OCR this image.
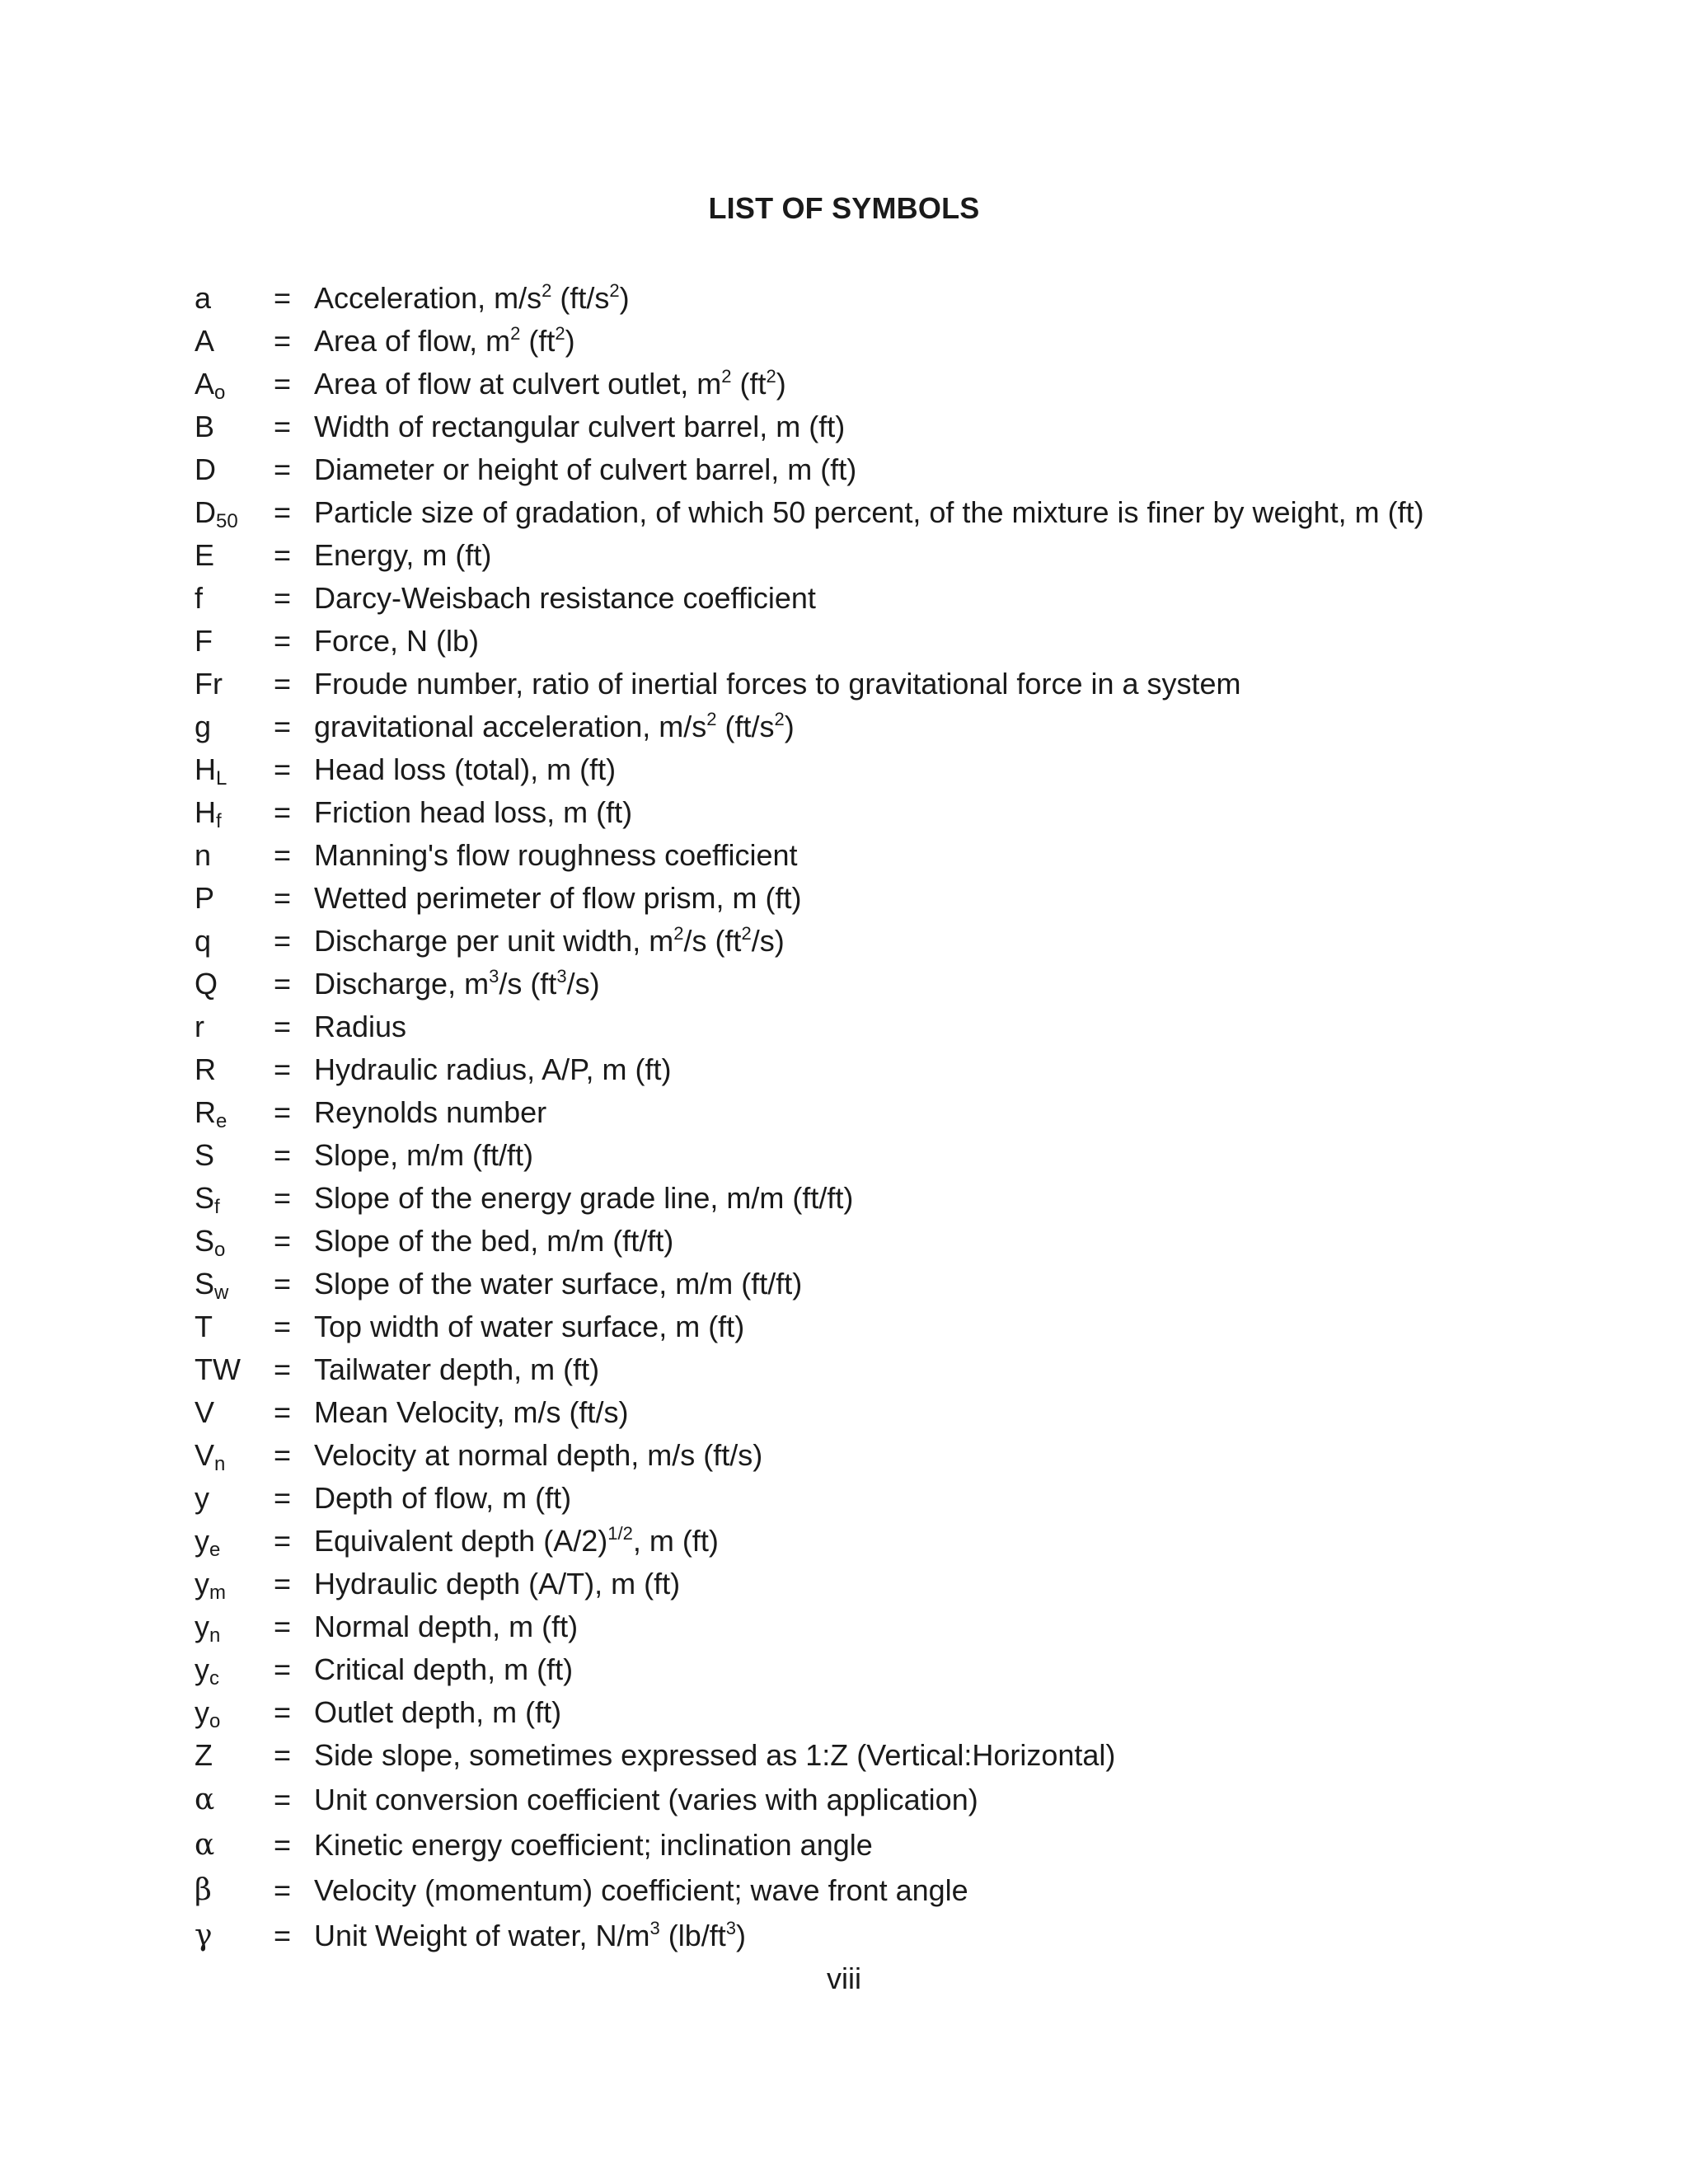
LIST OF SYMBOLS
a = Acceleration, $m/s^2$ $(ft/s^2)$
A = Area of flow, $m^2$ $(ft^2)$
$A_o$ = Area of flow at culvert outlet, $m^2$ $(ft^2)$
B = Width of rectangular culvert barrel, m (ft)
D = Diameter or height of culvert barrel, m (ft)
$D_{50}$ = Particle size of gradation, of which 50 percent, of the mixture is finer by weight, m (ft)
E = Energy, m (ft)
f = Darcy-Weisbach resistance coefficient
F = Force, N (lb)
Fr = Froude number, ratio of inertial forces to gravitational force in a system
g = gravitational acceleration, $m/s^2$ $(ft/s^2)$
$H_L$ = Head loss (total), m (ft)
$H_f$ = Friction head loss, m (ft)
n = Manning's flow roughness coefficient
P = Wetted perimeter of flow prism, m (ft)
q = Discharge per unit width, $m^2/s$ $(ft^2/s)$
Q = Discharge, $m^3/s$ $(ft^3/s)$
r = Radius
R = Hydraulic radius, A/P, m (ft)
$R_e$ = Reynolds number
S = Slope, m/m (ft/ft)
$S_f$ = Slope of the energy grade line, m/m (ft/ft)
$S_o$ = Slope of the bed, m/m (ft/ft)
$S_w$ = Slope of the water surface, m/m (ft/ft)
T = Top width of water surface, m (ft)
TW = Tailwater depth, m (ft)
V = Mean Velocity, m/s (ft/s)
$V_n$ = Velocity at normal depth, m/s (ft/s)
y = Depth of flow, m (ft)
$y_e$ = Equivalent depth $(A/2)^{1/2}$, m (ft)
$y_m$ = Hydraulic depth (A/T), m (ft)
$y_n$ = Normal depth, m (ft)
$y_c$ = Critical depth, m (ft)
$y_o$ = Outlet depth, m (ft)
Z = Side slope, sometimes expressed as 1:Z (Vertical:Horizontal)
α = Unit conversion coefficient (varies with application)
α = Kinetic energy coefficient; inclination angle
β = Velocity (momentum) coefficient; wave front angle
γ = Unit Weight of water, $N/m^3$ $(lb/ft^3)$
viii
